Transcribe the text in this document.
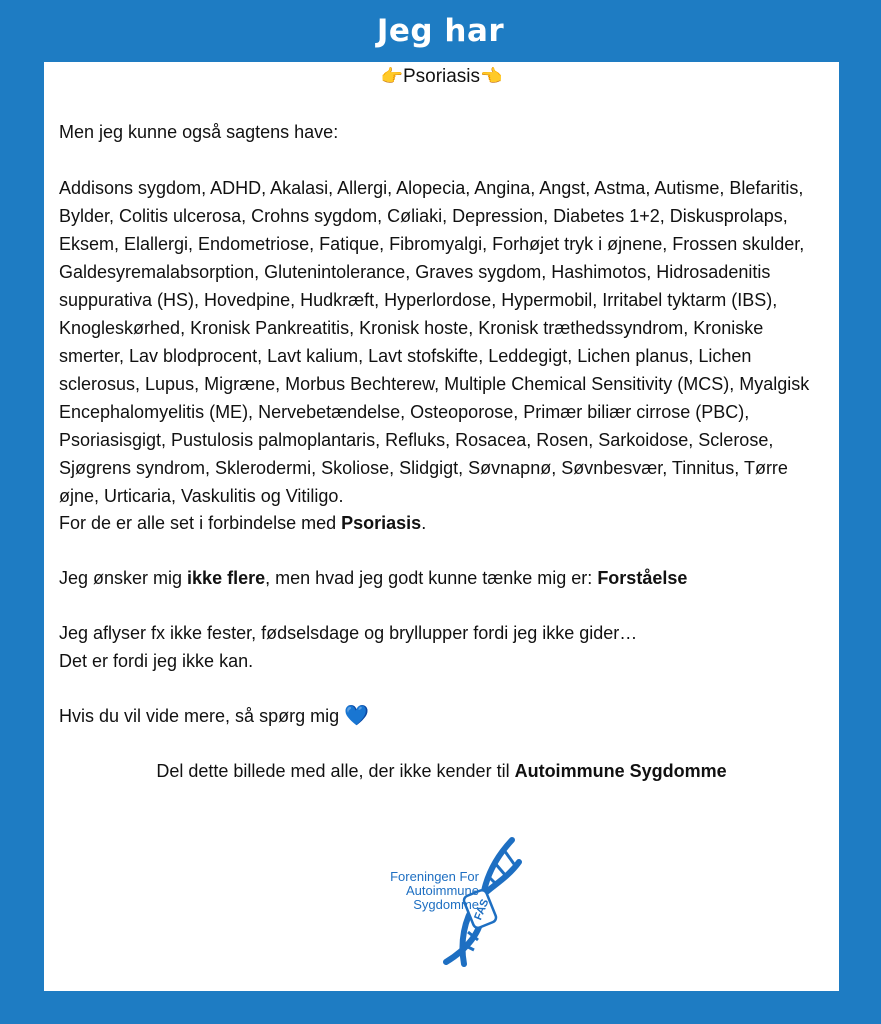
Jeg har
👉Psoriasis👈

Men jeg kunne også sagtens have:

Addisons sygdom, ADHD, Akalasi, Allergi, Alopecia, Angina, Angst, Astma, Autisme, Blefaritis, Bylder, Colitis ulcerosa, Crohns sygdom, Cøliaki, Depression, Diabetes 1+2, Diskusprolaps, Eksem, Elallergi, Endometriose, Fatique, Fibromyalgi, Forhøjet tryk i øjnene, Frossen skulder, Galdesyremalabsorption, Glutenintolerance, Graves sygdom, Hashimotos, Hidrosadenitis suppurativa (HS), Hovedpine, Hudkræft, Hyperlordose, Hypermobil, Irritabel tyktarm (IBS), Knogleskørhed, Kronisk Pankreatitis, Kronisk hoste, Kronisk træthedssyndrom, Kroniske smerter, Lav blodprocent, Lavt kalium, Lavt stofskifte, Leddegigt, Lichen planus, Lichen sclerosus, Lupus, Migræne, Morbus Bechterew, Multiple Chemical Sensitivity (MCS), Myalgisk Encephalomyelitis (ME), Nervebetændelse, Osteoporose, Primær biliær cirrose (PBC), Psoriasisgigt, Pustulosis palmoplantaris, Refluks, Rosacea, Rosen, Sarkoidose, Sclerose, Sjøgrens syndrom, Sklerodermi, Skoliose, Slidgigt, Søvnapnø, Søvnbesvær, Tinnitus, Tørre øjne, Urticaria, Vaskulitis og Vitiligo.

For de er alle set i forbindelse med Psoriasis.

Jeg ønsker mig ikke flere, men hvad jeg godt kunne tænke mig er: Forståelse

Jeg aflyser fx ikke fester, fødselsdage og bryllupper fordi jeg ikke gider…

Det er fordi jeg ikke kan.

Hvis du vil vide mere, så spørg mig 💙

Del dette billede med alle, der ikke kender til Autoimmune Sygdomme

FAS
Foreningen For
Autoimmune
Sygdomme
